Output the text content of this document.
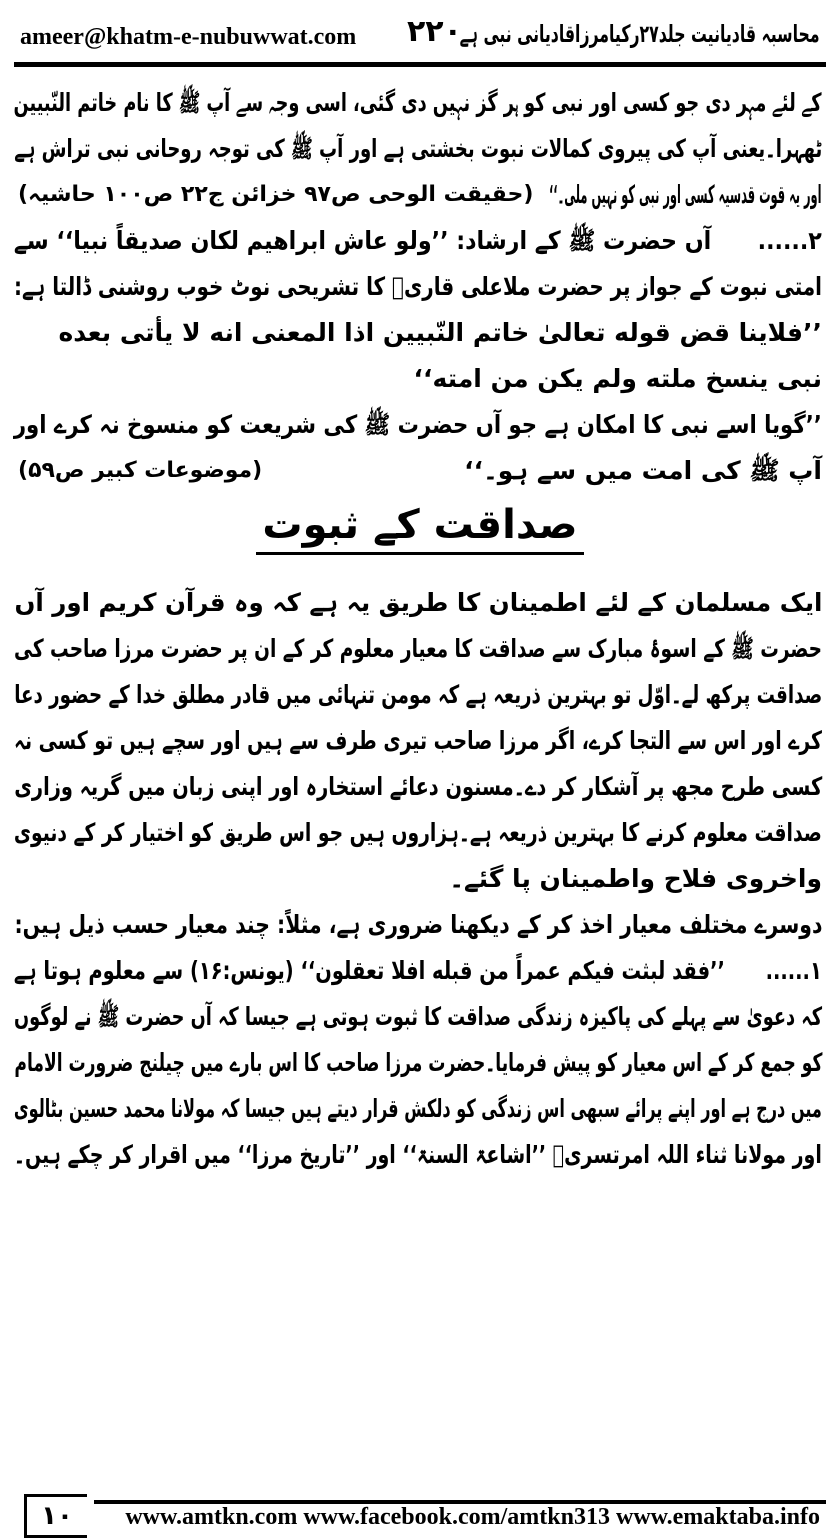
محاسبہ قادیانیت جلد۲۷رکیامرزاقادیانی نبی ہے
۲۲۰
ameer@khatm-e-nubuwwat.com
کے لئے مہر دی جو کسی اور نبی کو ہر گز نہیں دی گئی، اسی وجہ سے آپ ﷺ کا نام خاتم النّبیین
ٹھہرا۔یعنی آپ کی پیروی کمالات نبوت بخشتی ہے اور آپ ﷺ کی توجہ روحانی نبی تراش ہے
اور یہ قوت قدسیہ کسی اور نبی کو نہیں ملی۔‘‘
(حقیقت الوحی ص۹۷ خزائن ج۲۲ ص۱۰۰ حاشیہ)
۲......      آں حضرت ﷺ کے ارشاد: ’’ولو عاش ابراهيم لكان صديقاً نبيا‘‘ سے
امتی نبوت کے جواز پر حضرت ملاعلی قاریؒ کا تشریحی نوٹ خوب روشنی ڈالتا ہے:
’’فلاينا قض قوله تعالىٰ خاتم النّبيين اذا المعنى انه لا يأتى بعده
نبى ينسخ ملته ولم يكن من امته‘‘
’’گویا اسے نبی کا امکان ہے جو آں حضرت ﷺ کی شریعت کو منسوخ نہ کرے اور
آپ ﷺ کی امت میں سے ہو۔‘‘
(موضوعات کبیر ص۵۹)
صداقت کے ثبوت
ایک مسلمان کے لئے اطمینان کا طریق یہ ہے کہ وہ قرآن کریم اور آں
حضرت ﷺ کے اسوۂ مبارک سے صداقت کا معیار معلوم کر کے ان پر حضرت مرزا صاحب کی
صداقت پرکھ لے۔اوّل تو بہترین ذریعہ ہے کہ مومن تنہائی میں قادر مطلق خدا کے حضور دعا
کرے اور اس سے التجا کرے، اگر مرزا صاحب تیری طرف سے ہیں اور سچے ہیں تو کسی نہ
کسی طرح مجھ پر آشکار کر دے۔مسنون دعائے استخارہ اور اپنی زبان میں گریہ وزاری
صداقت معلوم کرنے کا بہترین ذریعہ ہے۔ہزاروں ہیں جو اس طریق کو اختیار کر کے دنیوی
واخروی فلاح واطمینان پا گئے۔
دوسرے مختلف معیار اخذ کر کے دیکھنا ضروری ہے، مثلاً: چند معیار حسب ذیل ہیں:
۱......      ’’فقد لبثت فيكم عمراً من قبله افلا تعقلون‘‘ (یونس:۱۶) سے معلوم ہوتا ہے
کہ دعویٰ سے پہلے کی پاکیزہ زندگی صداقت کا ثبوت ہوتی ہے جیسا کہ آں حضرت ﷺ نے لوگوں
کو جمع کر کے اس معیار کو پیش فرمایا۔حضرت مرزا صاحب کا اس بارے میں چیلنج ضرورت الامام
میں درج ہے اور اپنے پرائے سبھی اس زندگی کو دلکش قرار دیتے ہیں جیسا کہ مولانا محمد حسین بٹالوی
اور مولانا ثناء اللہ امرتسریؒ ’’اشاعۃ السنۃ‘‘ اور ’’تاریخ مرزا‘‘ میں اقرار کر چکے ہیں۔
۱۰	www.amtkn.com www.facebook.com/amtkn313 www.emaktaba.info
